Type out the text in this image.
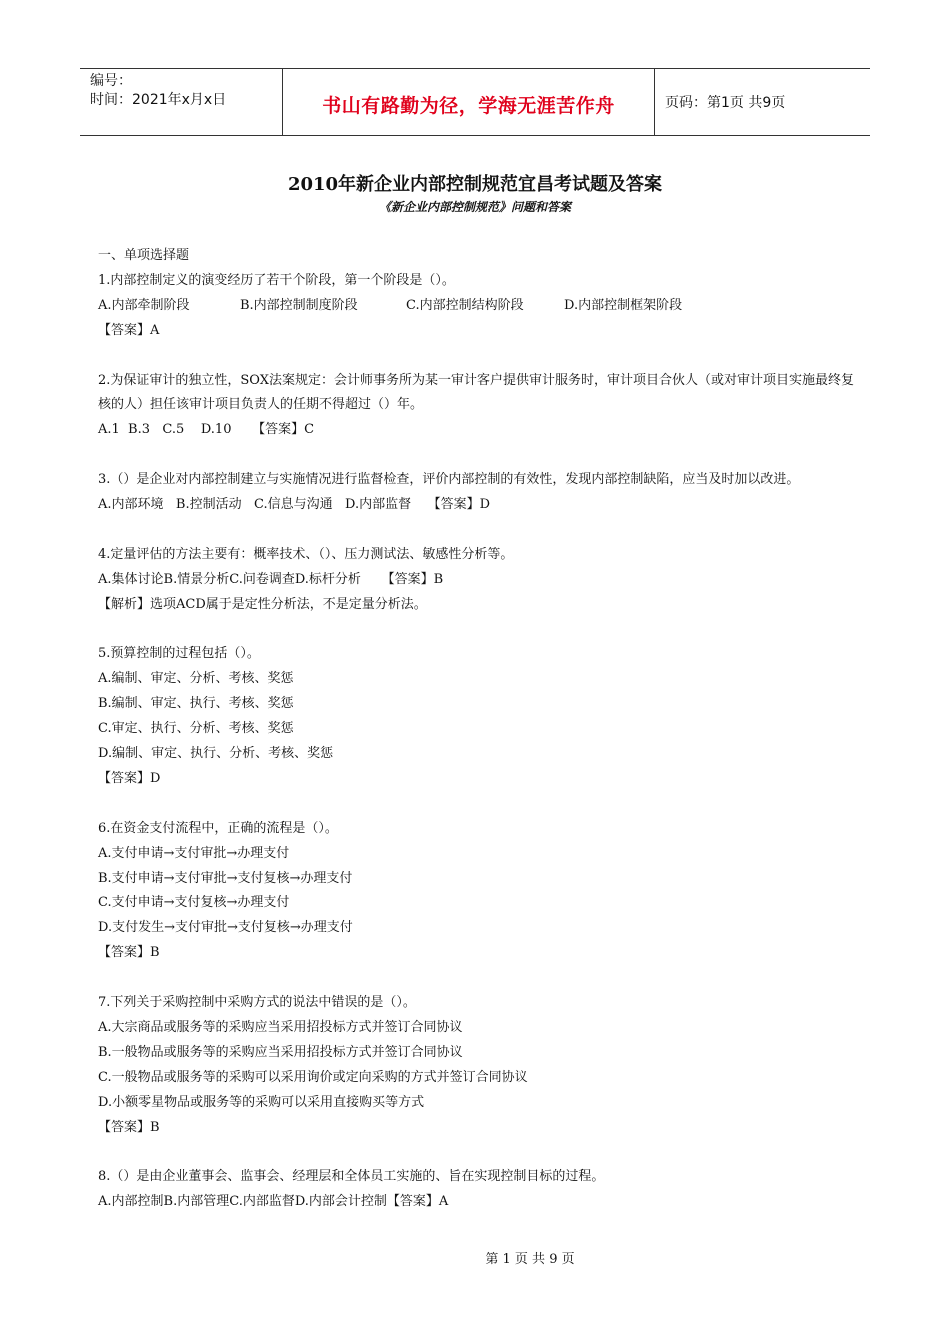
编号：
时间：2021年x月x日	书山有路勤为径，学海无涯苦作舟	页码：第1页 共9页
2010年新企业内部控制规范宜昌考试题及答案
《新企业内部控制规范》问题和答案
一、单项选择题
1.内部控制定义的演变经历了若干个阶段，第一个阶段是（）。
A.内部牵制阶段	B.内部控制制度阶段	C.内部控制结构阶段	D.内部控制框架阶段
【答案】A
2.为保证审计的独立性，SOX法案规定：会计师事务所为某一审计客户提供审计服务时，审计项目合伙人（或对审计项目实施最终复核的人）担任该审计项目负责人的任期不得超过（）年。
A.1  B.3   C.5    D.10     【答案】C
3.（）是企业对内部控制建立与实施情况进行监督检查，评价内部控制的有效性，发现内部控制缺陷，应当及时加以改进。
A.内部环境   B.控制活动   C.信息与沟通   D.内部监督    【答案】D
4.定量评估的方法主要有：概率技术、（）、压力测试法、敏感性分析等。
A.集体讨论B.情景分析C.问卷调查D.标杆分析     【答案】B
【解析】选项ACD属于是定性分析法，不是定量分析法。
5.预算控制的过程包括（）。
A.编制、审定、分析、考核、奖惩
B.编制、审定、执行、考核、奖惩
C.审定、执行、分析、考核、奖惩
D.编制、审定、执行、分析、考核、奖惩
【答案】D
6.在资金支付流程中，正确的流程是（）。
A.支付申请→支付审批→办理支付
B.支付申请→支付审批→支付复核→办理支付
C.支付申请→支付复核→办理支付
D.支付发生→支付审批→支付复核→办理支付
【答案】B
7.下列关于采购控制中采购方式的说法中错误的是（）。
A.大宗商品或服务等的采购应当采用招投标方式并签订合同协议
B.一般物品或服务等的采购应当采用招投标方式并签订合同协议
C.一般物品或服务等的采购可以采用询价或定向采购的方式并签订合同协议
D.小额零星物品或服务等的采购可以采用直接购买等方式
【答案】B
8.（）是由企业董事会、监事会、经理层和全体员工实施的、旨在实现控制目标的过程。
A.内部控制B.内部管理C.内部监督D.内部会计控制【答案】A
第 1 页 共 9 页
